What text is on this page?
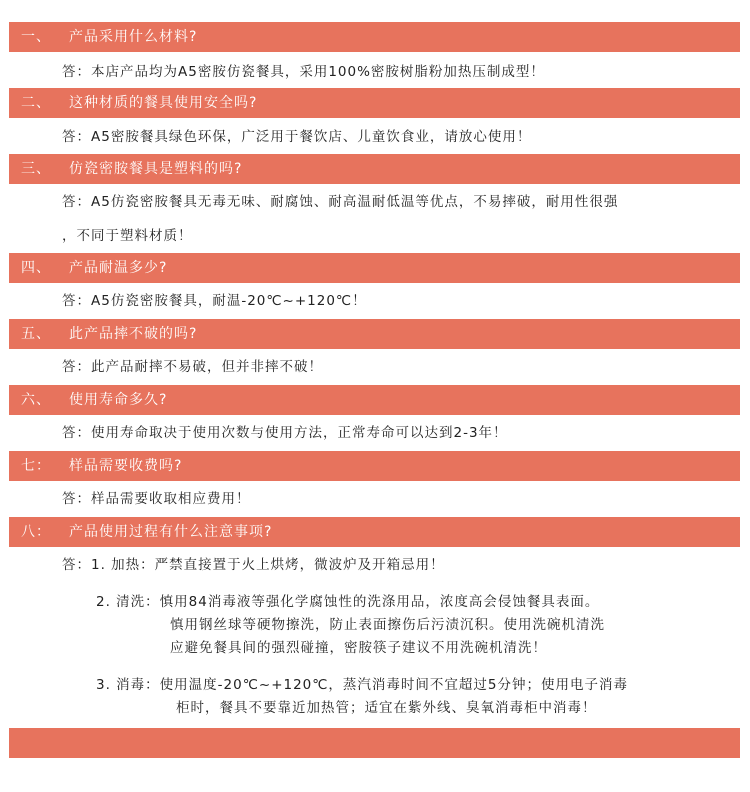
一、 产品采用什么材料?
答：本店产品均为A5密胺仿瓷餐具，采用100%密胺树脂粉加热压制成型！
二、 这种材质的餐具使用安全吗?
答：A5密胺餐具绿色环保，广泛用于餐饮店、儿童饮食业，请放心使用！
三、 仿瓷密胺餐具是塑料的吗?
答：A5仿瓷密胺餐具无毒无味、耐腐蚀、耐高温耐低温等优点，不易摔破，耐用性很强
，不同于塑料材质！
四、 产品耐温多少?
答：A5仿瓷密胺餐具，耐温-20℃~+120℃！
五、 此产品摔不破的吗?
答：此产品耐摔不易破，但并非摔不破！
六、 使用寿命多久?
答：使用寿命取决于使用次数与使用方法，正常寿命可以达到2-3年！
七： 样品需要收费吗?
答：样品需要收取相应费用！
八： 产品使用过程有什么注意事项?
答：1. 加热：严禁直接置于火上烘烤，微波炉及开箱忌用！
2. 清洗：慎用84消毒液等强化学腐蚀性的洗涤用品，浓度高会侵蚀餐具表面。
慎用钢丝球等硬物擦洗，防止表面擦伤后污渍沉积。使用洗碗机清洗
应避免餐具间的强烈碰撞，密胺筷子建议不用洗碗机清洗！
3. 消毒：使用温度-20℃~+120℃，蒸汽消毒时间不宜超过5分钟；使用电子消毒
柜时，餐具不要靠近加热管；适宜在紫外线、臭氧消毒柜中消毒！
